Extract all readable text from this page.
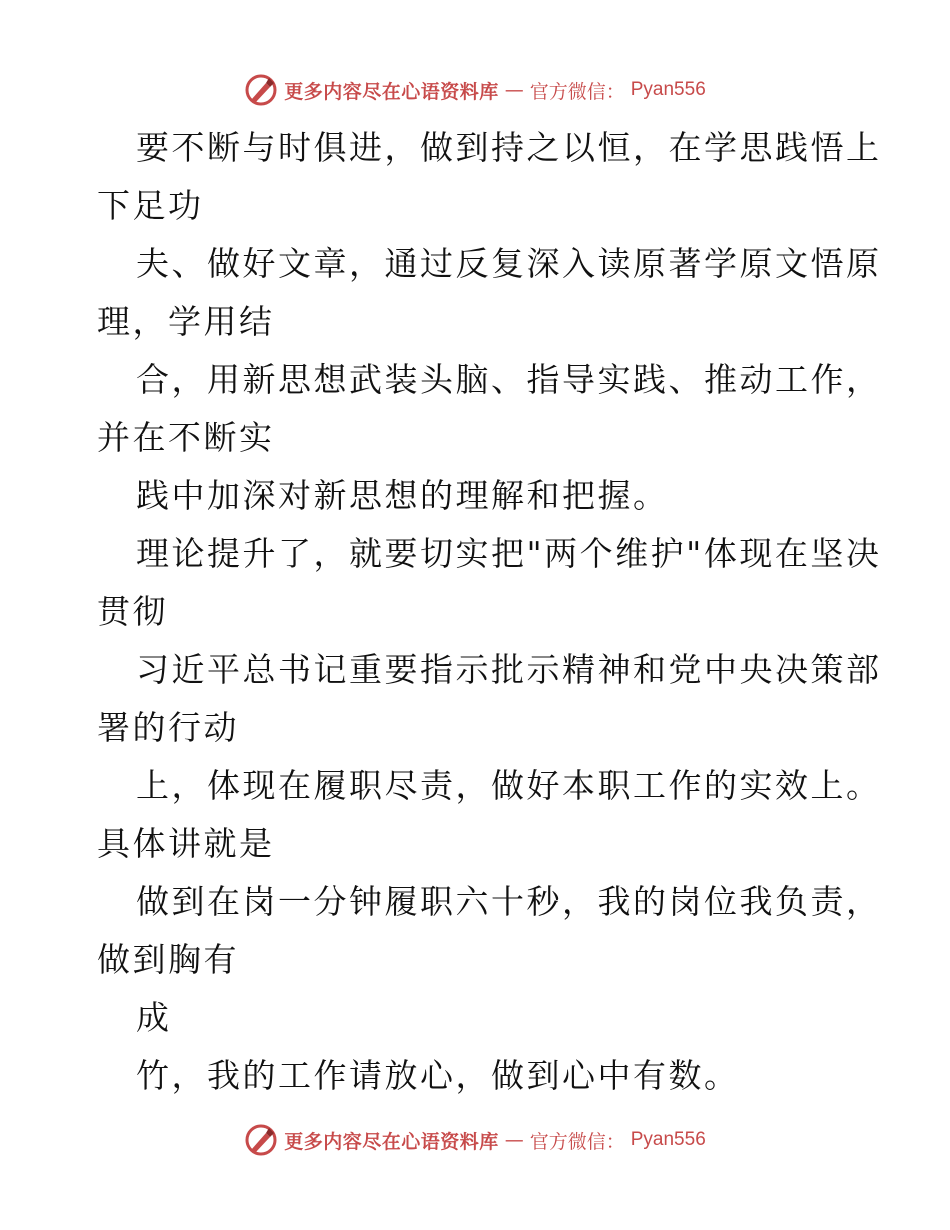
更多内容尽在心语资料库 — 官方微信： Pyan556
要不断与时俱进，做到持之以恒，在学思践悟上
下足功
夫、做好文章，通过反复深入读原著学原文悟原
理，学用结
合，用新思想武装头脑、指导实践、推动工作，
并在不断实
践中加深对新思想的理解和把握。
理论提升了，就要切实把"两个维护"体现在坚决
贯彻
习近平总书记重要指示批示精神和党中央决策部
署的行动
上，体现在履职尽责，做好本职工作的实效上。
具体讲就是
做到在岗一分钟履职六十秒，我的岗位我负责，
做到胸有
成
竹，我的工作请放心，做到心中有数。
更多内容尽在心语资料库 — 官方微信： Pyan556
